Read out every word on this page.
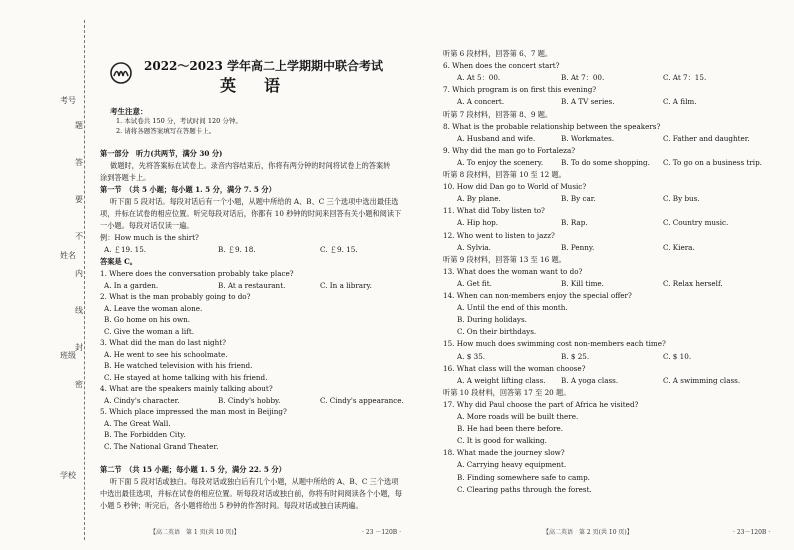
考号
姓名
班级
学校
题
答
要
不
内
线
封
密
2022～2023 学年高二上学期期中联合考试
英　语
考生注意：
1. 本试卷共 150 分，考试时间 120 分钟。
2. 请将各题答案填写在答题卡上。
第一部分　听力(共两节，满分 30 分)
做题时，先将答案标在试卷上。录音内容结束后，你将有两分钟的时间将试卷上的答案转
涂到答题卡上。
第一节　（共 5 小题；每小题 1. 5 分，满分 7. 5 分）
听下面 5 段对话。每段对话后有一个小题，从题中所给的 A、B、C 三个选项中选出最佳选
项，并标在试卷的相应位置。听完每段对话后，你都有 10 秒钟的时间来回答有关小题和阅读下
一小题。每段对话仅读一遍。
例：How much is the shirt?
A. ￡19. 15.	B. ￡9. 18.	C. ￡9. 15.
答案是 C。
1. Where does the conversation probably take place?
A. In a garden.	B. At a restaurant.	C. In a library.
2. What is the man probably going to do?
A. Leave the woman alone.
B. Go home on his own.
C. Give the woman a lift.
3. What did the man do last night?
A. He went to see his schoolmate.
B. He watched television with his friend.
C. He stayed at home talking with his friend.
4. What are the speakers mainly talking about?
A. Cindy's character.	B. Cindy's hobby.	C. Cindy's appearance.
5. Which place impressed the man most in Beijing?
A. The Great Wall.
B. The Forbidden City.
C. The National Grand Theater.
第二节　（共 15 小题；每小题 1. 5 分，满分 22. 5 分）
听下面 5 段对话或独白。每段对话或独白后有几个小题，从题中所给的 A、B、C 三个选项
中选出最佳选项，并标在试卷的相应位置。听每段对话或独白前，你将有时间阅读各个小题，每
小题 5 秒钟；听完后，各小题将给出 5 秒钟的作答时间。每段对话或独白读两遍。
【高二英语　第 1 页(共 10 页)】	· 23 －120B ·
听第 6 段材料，回答第 6、7 题。
6. When does the concert start?
A. At 5：00.	B. At 7：00.	C. At 7：15.
7. Which program is on first this evening?
A. A concert.	B. A TV series.	C. A film.
听第 7 段材料，回答第 8、9 题。
8. What is the probable relationship between the speakers?
A. Husband and wife.	B. Workmates.	C. Father and daughter.
9. Why did the man go to Fortaleza?
A. To enjoy the scenery. B. To do some shopping. C. To go on a business trip.
听第 8 段材料，回答第 10 至 12 题。
10. How did Dan go to World of Music?
A. By plane.	B. By car.	C. By bus.
11. What did Toby listen to?
A. Hip hop.	B. Rap.	C. Country music.
12. Who went to listen to jazz?
A. Sylvia.	B. Penny.	C. Kiera.
听第 9 段材料，回答第 13 至 16 题。
13. What does the woman want to do?
A. Get fit.	B. Kill time.	C. Relax herself.
14. When can non-members enjoy the special offer?
A. Until the end of this month.
B. During holidays.
C. On their birthdays.
15. How much does swimming cost non-members each time?
A. $ 35.	B. $ 25.	C. $ 10.
16. What class will the woman choose?
A. A weight lifting class. B. A yoga class.	C. A swimming class.
听第 10 段材料，回答第 17 至 20 题。
17. Why did Paul choose the part of Africa he visited?
A. More roads will be built there.
B. He had been there before.
C. It is good for walking.
18. What made the journey slow?
A. Carrying heavy equipment.
B. Finding somewhere safe to camp.
C. Clearing paths through the forest.
【高二英语　第 2 页(共 10 页)】	· 23－120B ·
